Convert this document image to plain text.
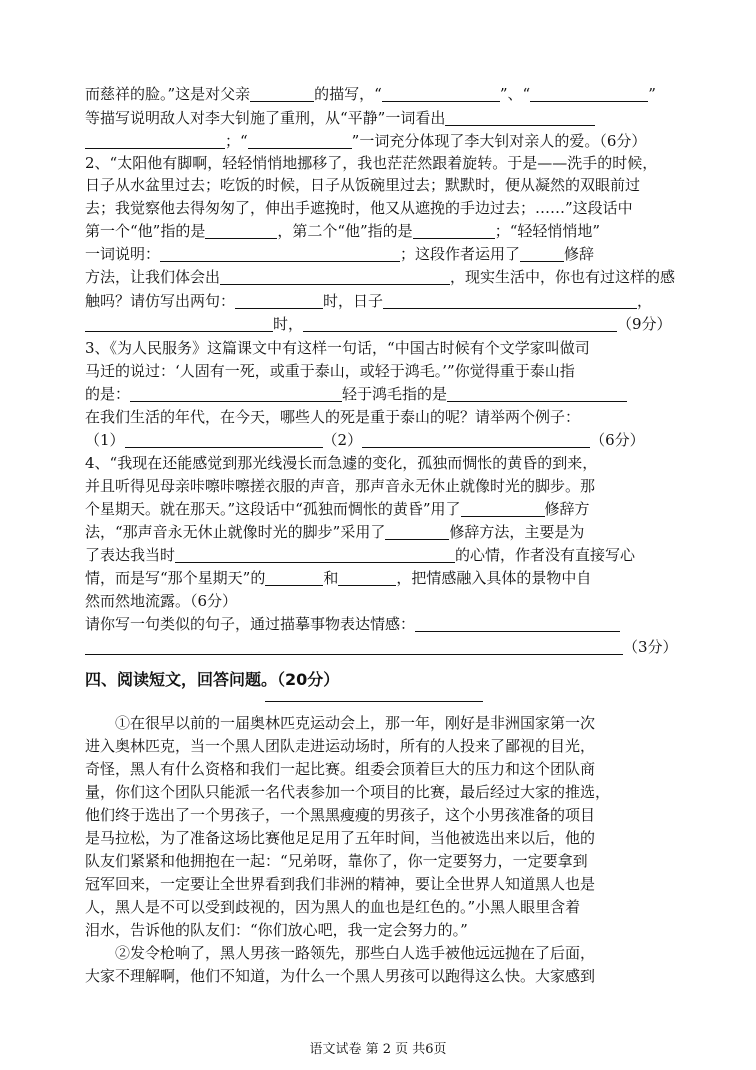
而慈祥的脸。”这是对父亲	的描写，“	”、“	”
等描写说明敌人对李大钊施了重刑，从“平静”一词看出
；“	”一词充分体现了李大钊对亲人的爱。（6分）
2、“太阳他有脚啊，轻轻悄悄地挪移了，我也茫茫然跟着旋转。于是——洗手的时候，
日子从水盆里过去；吃饭的时候，日子从饭碗里过去；默默时，便从凝然的双眼前过
去；我觉察他去得匆匆了，伸出手遮挽时，他又从遮挽的手边过去；……”这段话中
第一个“他”指的是	，第二个“他”指的是	；“轻轻悄悄地”
一词说明：	；这段作者运用了	修辞
方法，让我们体会出	，现实生活中，你也有过这样的感
触吗？请仿写出两句：	时，日子	，
时，	（9分）
3、《为人民服务》这篇课文中有这样一句话，“中国古时候有个文学家叫做司
马迁的说过：‘人固有一死，或重于泰山，或轻于鸿毛。’”你觉得重于泰山指
的是：	轻于鸿毛指的是
在我们生活的年代，在今天，哪些人的死是重于泰山的呢？请举两个例子：
（1）	（2）	（6分）
4、“我现在还能感觉到那光线漫长而急遽的变化，孤独而惆怅的黄昏的到来，
并且听得见母亲咔嚓咔嚓搓衣服的声音，那声音永无休止就像时光的脚步。那
个星期天。就在那天。”这段话中“孤独而惆怅的黄昏”用了	修辞方
法，“那声音永无休止就像时光的脚步”采用了	修辞方法，主要是为
了表达我当时	的心情，作者没有直接写心
情，而是写“那个星期天”的	和	，把情感融入具体的景物中自
然而然地流露。（6分）
请你写一句类似的句子，通过描摹事物表达情感：
（3分）
四、阅读短文，回答问题。（20分）
①在很早以前的一届奥林匹克运动会上，那一年，刚好是非洲国家第一次
进入奥林匹克，当一个黑人团队走进运动场时，所有的人投来了鄙视的目光，
奇怪，黑人有什么资格和我们一起比赛。组委会顶着巨大的压力和这个团队商
量，你们这个团队只能派一名代表参加一个项目的比赛，最后经过大家的推选，
他们终于选出了一个男孩子，一个黑黑瘦瘦的男孩子，这个小男孩准备的项目
是马拉松，为了准备这场比赛他足足用了五年时间，当他被选出来以后，他的
队友们紧紧和他拥抱在一起：“兄弟呀，靠你了，你一定要努力，一定要拿到
冠军回来，一定要让全世界看到我们非洲的精神，要让全世界人知道黑人也是
人，黑人是不可以受到歧视的，因为黑人的血也是红色的。”小黑人眼里含着
泪水，告诉他的队友们：“你们放心吧，我一定会努力的。”
②发令枪响了，黑人男孩一路领先，那些白人选手被他远远抛在了后面，
大家不理解啊，他们不知道，为什么一个黑人男孩可以跑得这么快。大家感到
语文试卷 第 2 页 共6页
